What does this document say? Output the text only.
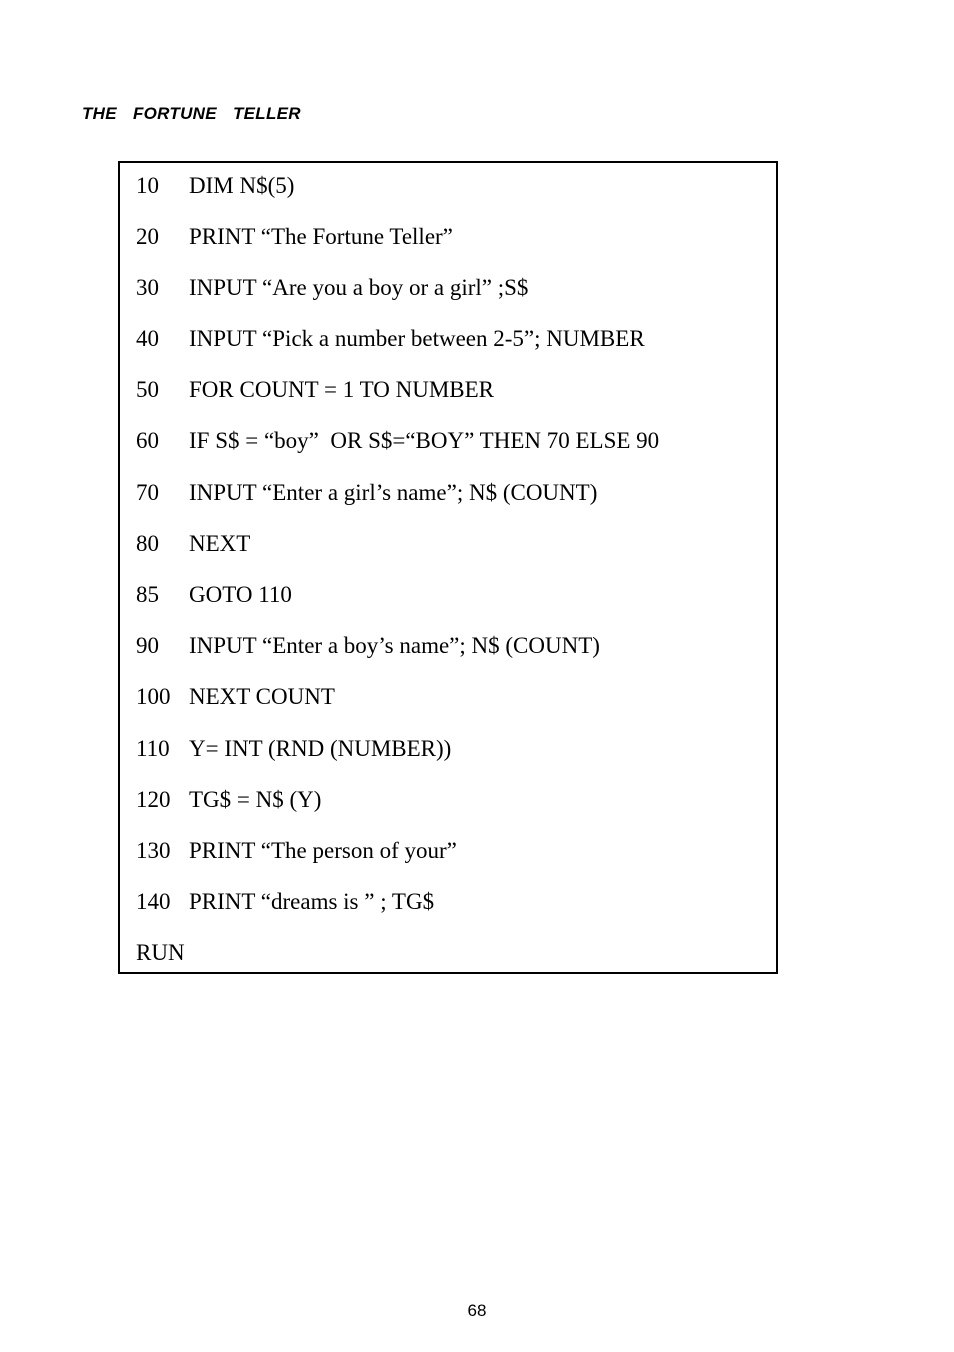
THE  FORTUNE  TELLER

10

DIM N$(5)

20

PRINT “The Fortune Teller”

30

INPUT “Are you a boy or a girl” ;S$

40

INPUT “Pick a number between 2-5”; NUMBER

50

FOR COUNT = 1 TO NUMBER

60

IF S$ = “boy”  OR S$=“BOY” THEN 70 ELSE 90

70

INPUT “Enter a girl’s name”; N$ (COUNT)

80

NEXT

85

GOTO 110

90

INPUT “Enter a boy’s name”; N$ (COUNT)

100

NEXT COUNT

110

Y= INT (RND (NUMBER))

120

TG$ = N$ (Y)

130

PRINT “The person of your”

140

PRINT “dreams is ” ; TG$

RUN

68
